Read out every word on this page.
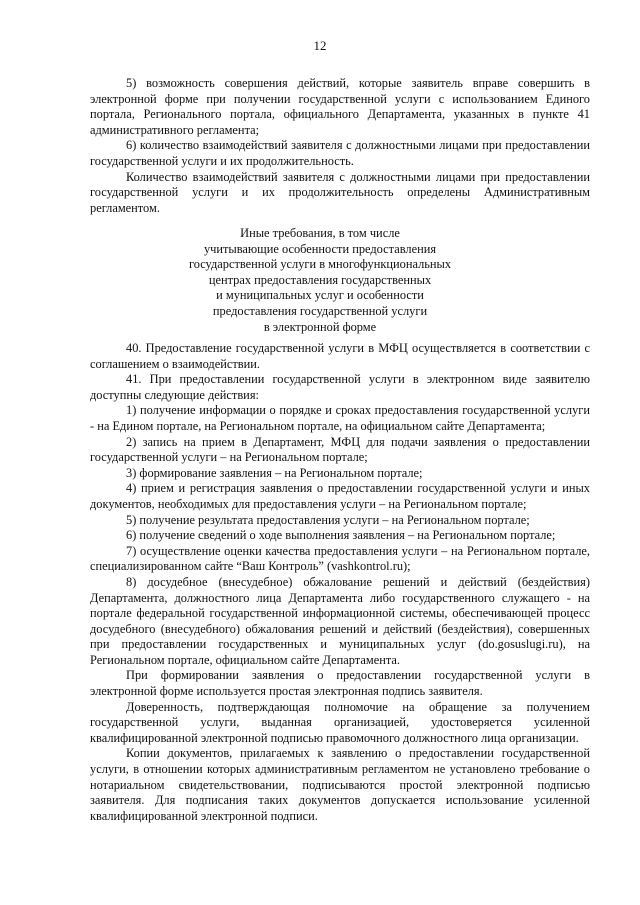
12

5) возможность совершения действий, которые заявитель вправе совершить в электронной форме при получении государственной услуги с использованием Единого портала, Регионального портала, официального Департамента, указанных в пункте 41 административного регламента;

6) количество взаимодействий заявителя с должностными лицами при предоставлении государственной услуги и их продолжительность.

Количество взаимодействий заявителя с должностными лицами при предоставлении государственной услуги и их продолжительность определены Административным регламентом.

Иные требования, в том числе
учитывающие особенности предоставления
государственной услуги в многофункциональных
центрах предоставления государственных
и муниципальных услуг и особенности
предоставления государственной услуги
в электронной форме

40. Предоставление государственной услуги в МФЦ осуществляется в соответствии с соглашением о взаимодействии.

41. При предоставлении государственной услуги в электронном виде заявителю доступны следующие действия:

1) получение информации о порядке и сроках предоставления государственной услуги - на Едином портале, на Региональном портале, на официальном сайте Департамента;

2) запись на прием в Департамент, МФЦ для подачи заявления о предоставлении государственной услуги – на Региональном портале;

3) формирование заявления – на Региональном портале;

4) прием и регистрация заявления о предоставлении государственной услуги и иных документов, необходимых для предоставления услуги – на Региональном портале;

5) получение результата предоставления услуги – на Региональном портале;

6) получение сведений о ходе выполнения заявления – на Региональном портале;

7) осуществление оценки качества предоставления услуги – на Региональном портале, специализированном сайте “Ваш Контроль” (vashkontrol.ru);

8) досудебное (внесудебное) обжалование решений и действий (бездействия) Департамента, должностного лица Департамента либо государственного служащего - на портале федеральной государственной информационной системы, обеспечивающей процесс досудебного (внесудебного) обжалования решений и действий (бездействия), совершенных при предоставлении государственных и муниципальных услуг (do.gosuslugi.ru), на Региональном портале, официальном сайте Департамента.

При формировании заявления о предоставлении государственной услуги в электронной форме используется простая электронная подпись заявителя.

Доверенность, подтверждающая полномочие на обращение за получением государственной услуги, выданная организацией, удостоверяется усиленной квалифицированной электронной подписью правомочного должностного лица организации.

Копии документов, прилагаемых к заявлению о предоставлении государственной услуги, в отношении которых административным регламентом не установлено требование о нотариальном свидетельствовании, подписываются простой электронной подписью заявителя. Для подписания таких документов допускается использование усиленной квалифицированной электронной подписи.
